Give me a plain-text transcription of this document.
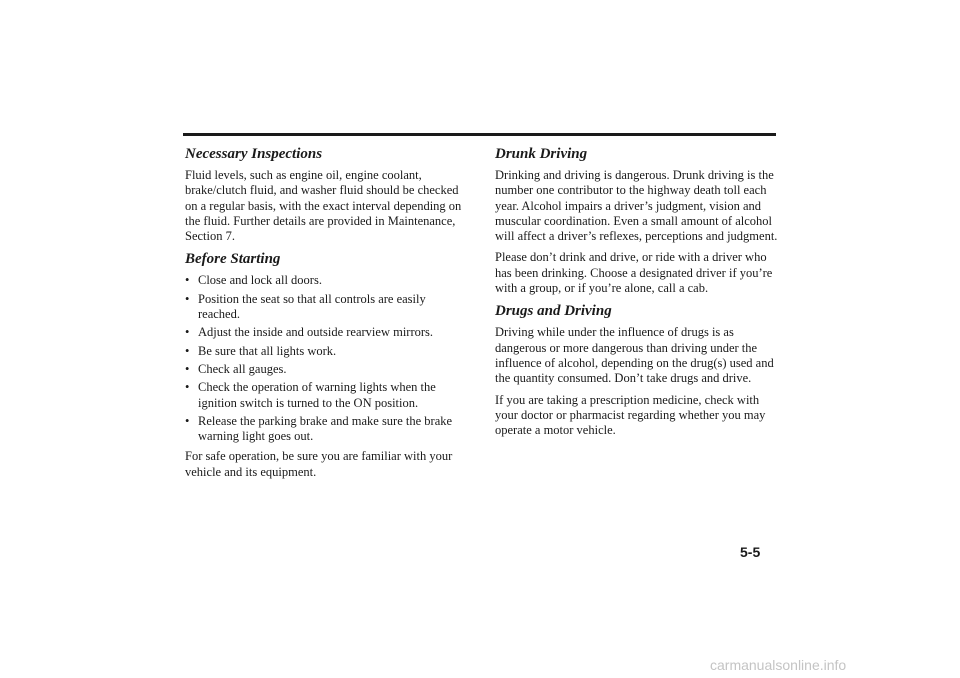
Necessary Inspections

Fluid levels, such as engine oil, engine coolant, brake/clutch fluid, and washer fluid should be checked on a regular basis, with the exact interval depending on the fluid. Further details are provided in Maintenance, Section 7.

Before Starting
• Close and lock all doors.
• Position the seat so that all controls are easily reached.
• Adjust the inside and outside rearview mirrors.
• Be sure that all lights work.
• Check all gauges.
• Check the operation of warning lights when the ignition switch is turned to the ON position.
• Release the parking brake and make sure the brake warning light goes out.

For safe operation, be sure you are familiar with your vehicle and its equipment.

Drunk Driving

Drinking and driving is dangerous. Drunk driving is the number one contributor to the highway death toll each year. Alcohol impairs a driver’s judgment, vision and muscular coordination. Even a small amount of alcohol will affect a driver’s reflexes, perceptions and judgment.

Please don’t drink and drive, or ride with a driver who has been drinking. Choose a designated driver if you’re with a group, or if you’re alone, call a cab.

Drugs and Driving

Driving while under the influence of drugs is as dangerous or more dangerous than driving under the influence of alcohol, depending on the drug(s) used and the quantity consumed. Don’t take drugs and drive.

If you are taking a prescription medicine, check with your doctor or pharmacist regarding whether you may operate a motor vehicle.

5-5
carmanualsonline.info
